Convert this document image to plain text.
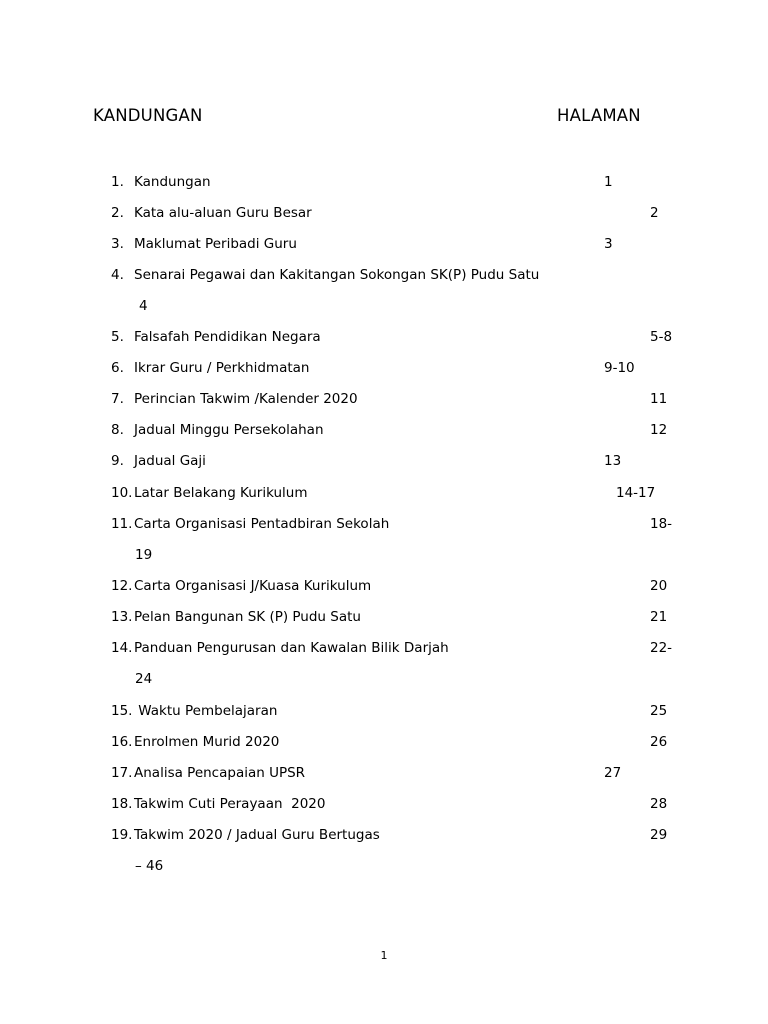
KANDUNGAN	HALAMAN
1. Kandungan	1
2. Kata alu-aluan Guru Besar	2
3. Maklumat Peribadi Guru	3
4. Senarai Pegawai dan Kakitangan Sokongan SK(P) Pudu Satu
4
5. Falsafah Pendidikan Negara	5-8
6. Ikrar Guru / Perkhidmatan	9-10
7. Perincian Takwim /Kalender 2020	11
8. Jadual Minggu Persekolahan	12
9. Jadual Gaji	13
10. Latar Belakang Kurikulum	14-17
11. Carta Organisasi Pentadbiran Sekolah	18-
19
12. Carta Organisasi J/Kuasa Kurikulum	20
13. Pelan Bangunan SK (P) Pudu Satu	21
14. Panduan Pengurusan dan Kawalan Bilik Darjah	22-
24
15. Waktu Pembelajaran	25
16. Enrolmen Murid 2020	26
17. Analisa Pencapaian UPSR	27
18. Takwim Cuti Perayaan  2020	28
19. Takwim 2020 / Jadual Guru Bertugas	29
– 46
1
